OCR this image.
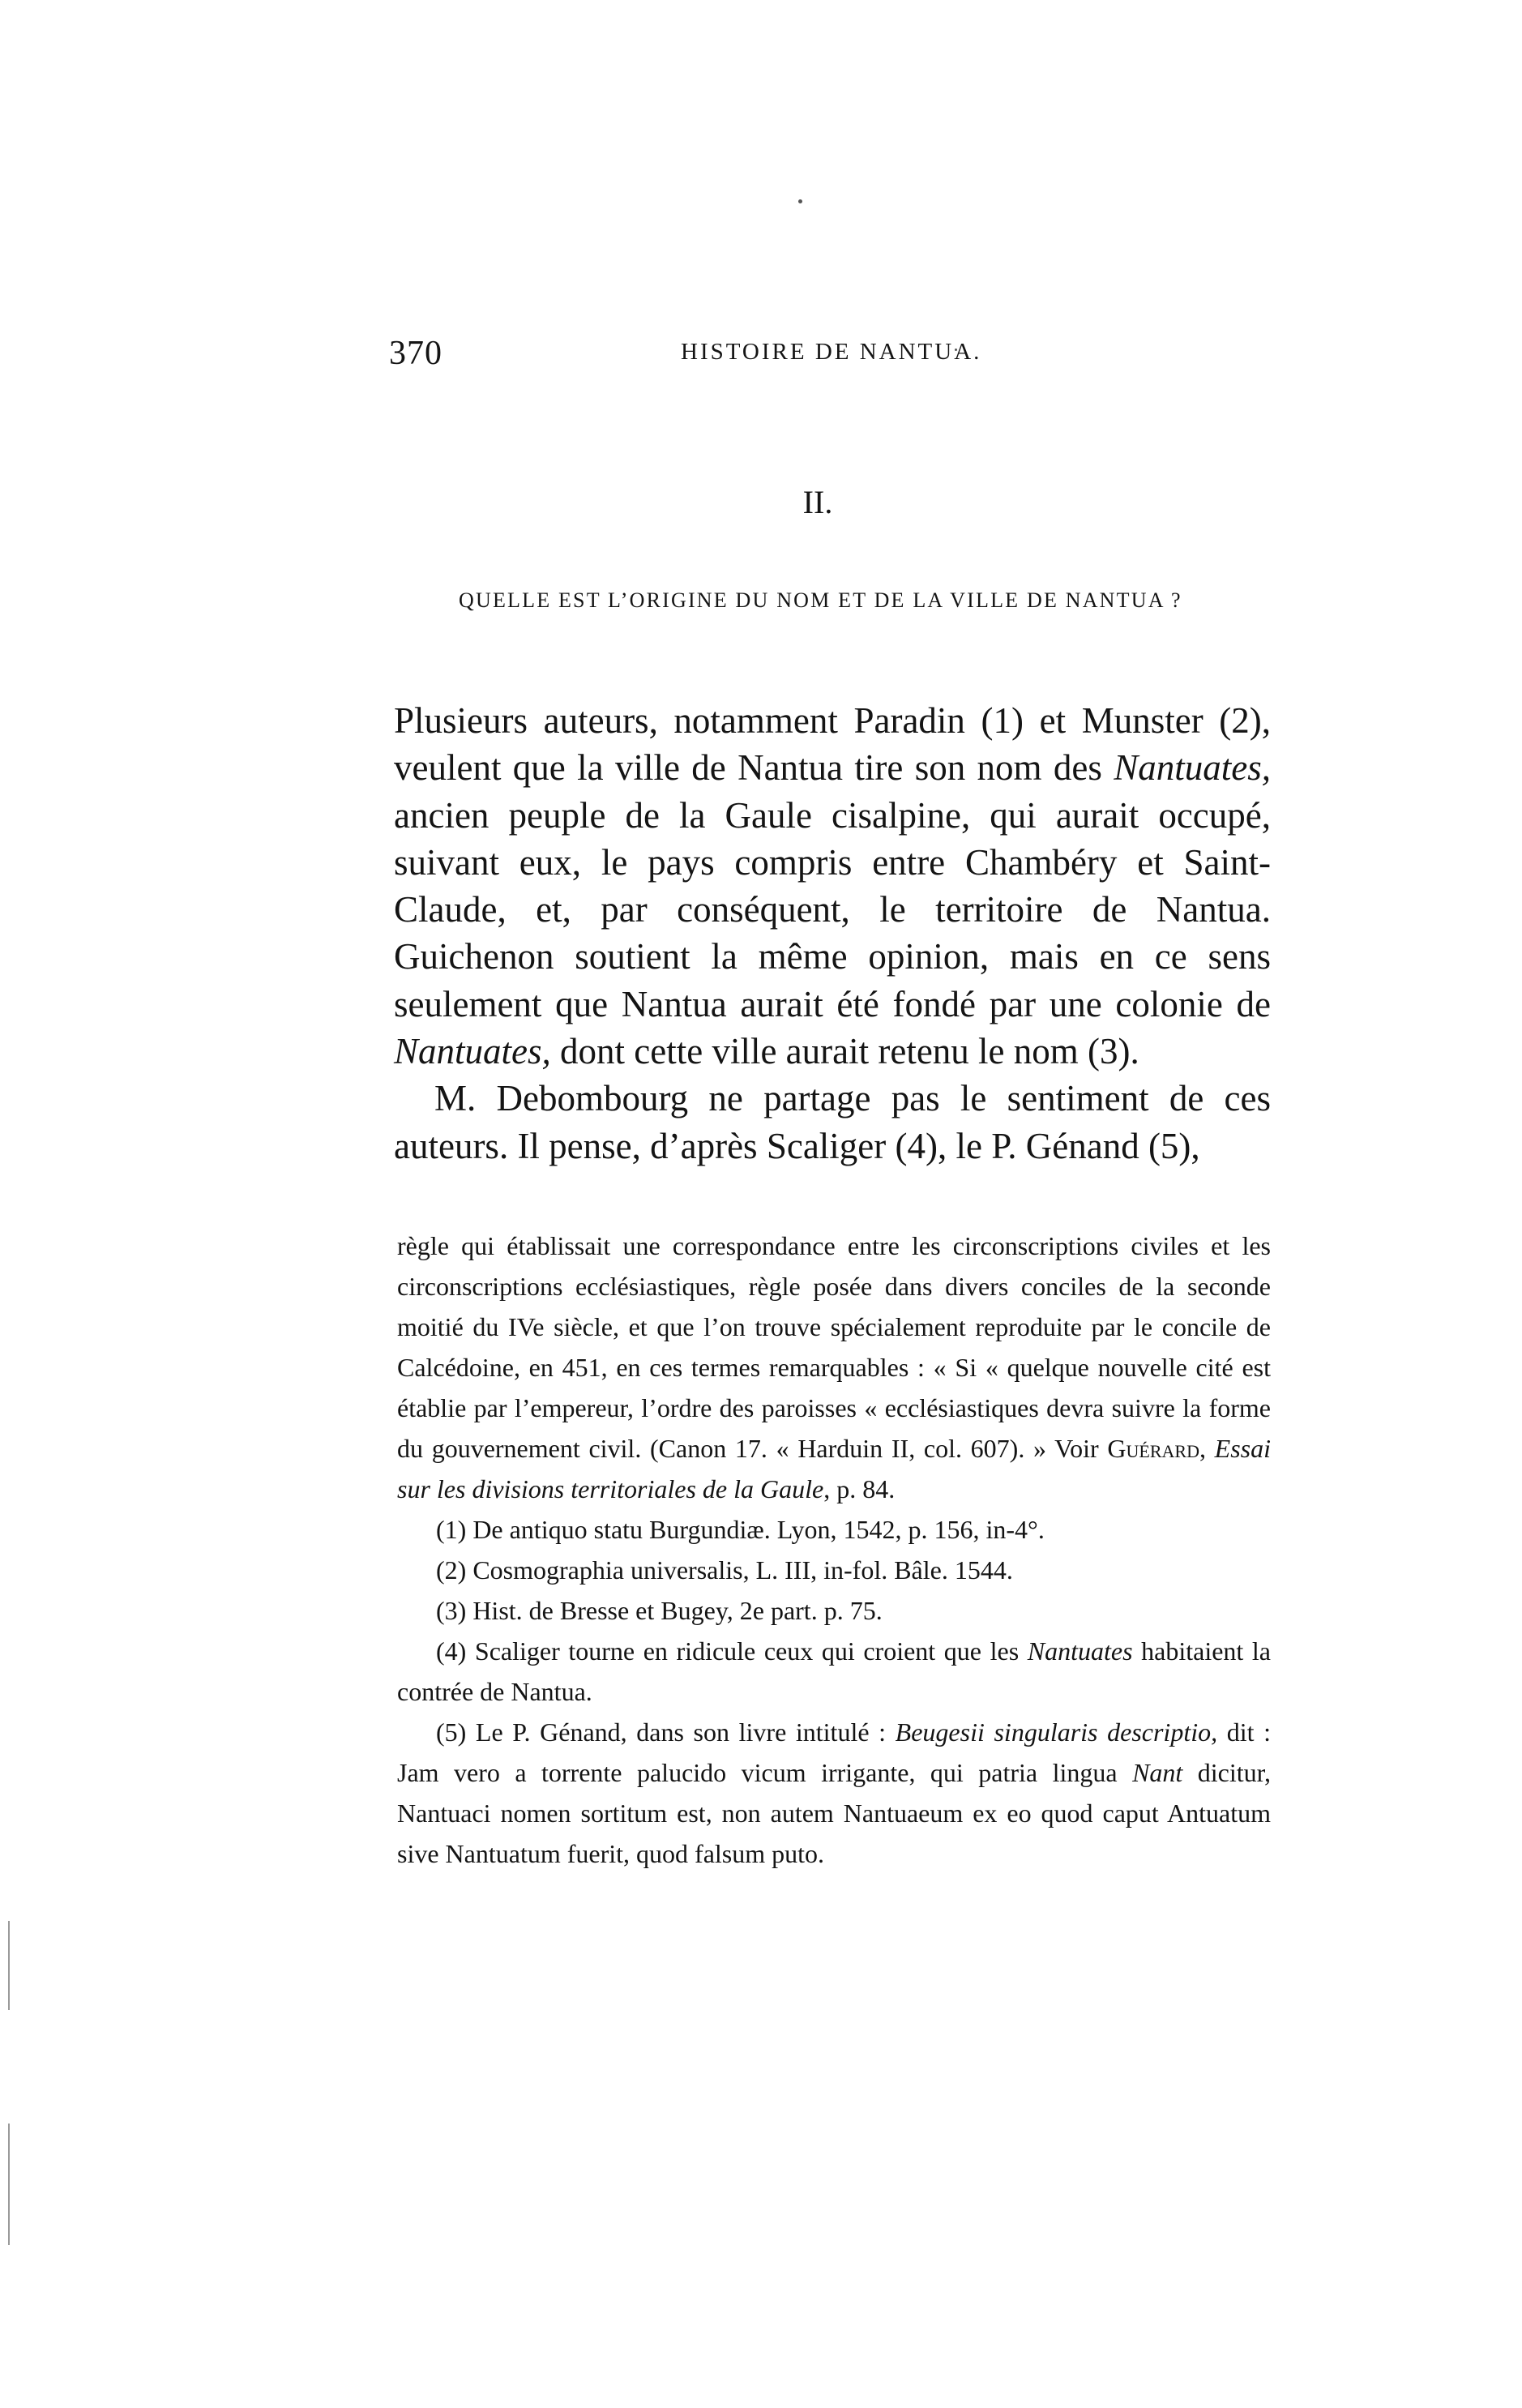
370	HISTOIRE DE NANTUA.
II.
QUELLE EST L’ORIGINE DU NOM ET DE LA VILLE DE NANTUA ?

Plusieurs auteurs, notamment Paradin (1) et Munster (2), veulent que la ville de Nantua tire son nom des Nantuates, ancien peuple de la Gaule cisalpine, qui aurait occupé, suivant eux, le pays compris entre Chambéry et Saint-Claude, et, par conséquent, le territoire de Nantua. Guichenon soutient la même opinion, mais en ce sens seulement que Nantua aurait été fondé par une colonie de Nantuates, dont cette ville aurait retenu le nom (3).

M. Debombourg ne partage pas le sentiment de ces auteurs. Il pense, d’après Scaliger (4), le P. Génand (5),

règle qui établissait une correspondance entre les circonscriptions civiles et les circonscriptions ecclésiastiques, règle posée dans divers conciles de la seconde moitié du IVe siècle, et que l’on trouve spécialement reproduite par le concile de Calcédoine, en 451, en ces termes remarquables : « Si « quelque nouvelle cité est établie par l’empereur, l’ordre des paroisses « ecclésiastiques devra suivre la forme du gouvernement civil. (Canon 17. « Harduin II, col. 607). » Voir Guérard, Essai sur les divisions territoriales de la Gaule, p. 84.

(1) De antiquo statu Burgundiæ. Lyon, 1542, p. 156, in-4°.

(2) Cosmographia universalis, L. III, in-fol. Bâle. 1544.

(3) Hist. de Bresse et Bugey, 2e part. p. 75.

(4) Scaliger tourne en ridicule ceux qui croient que les Nantuates habitaient la contrée de Nantua.

(5) Le P. Génand, dans son livre intitulé : Beugesii singularis descriptio, dit : Jam vero a torrente palucido vicum irrigante, qui patria lingua Nant dicitur, Nantuaci nomen sortitum est, non autem Nantuaeum ex eo quod caput Antuatum sive Nantuatum fuerit, quod falsum puto.
